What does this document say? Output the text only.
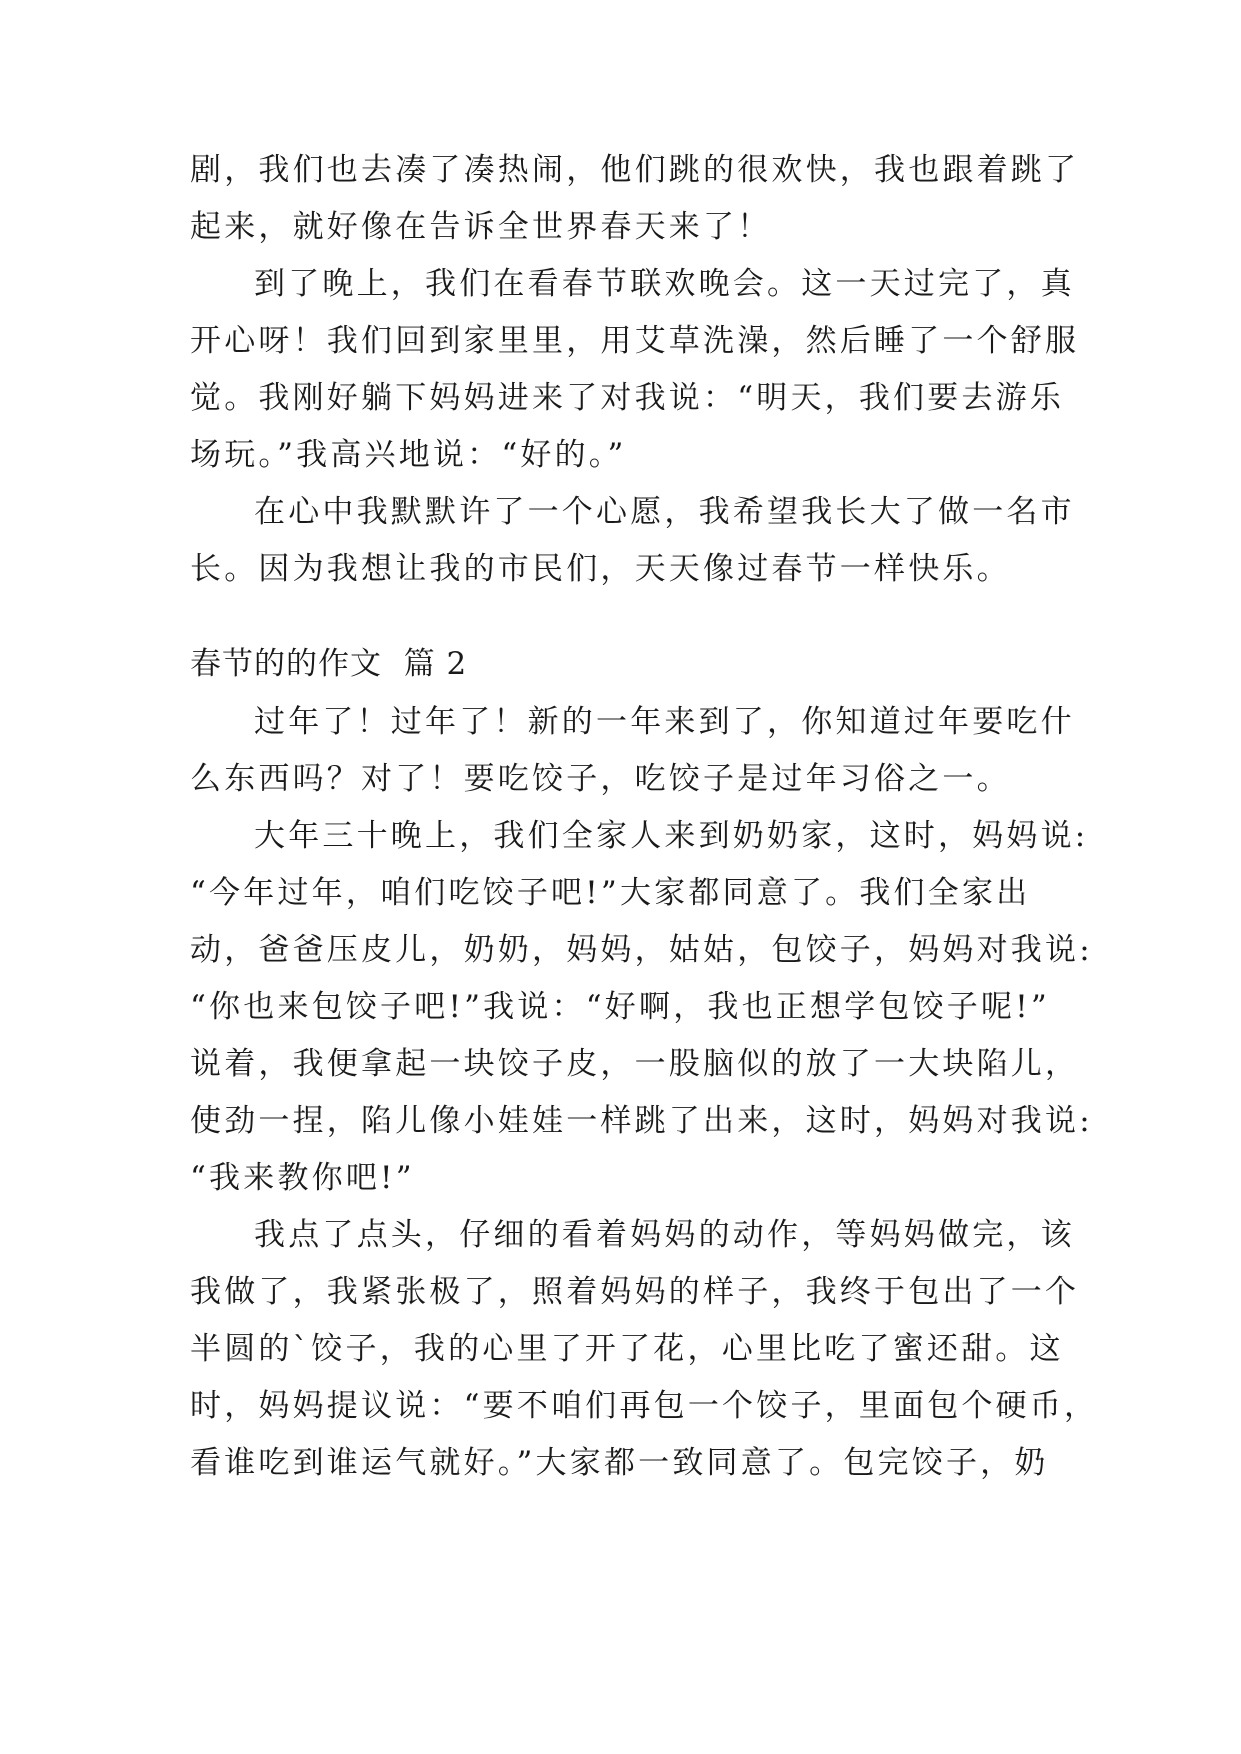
剧，我们也去凑了凑热闹，他们跳的很欢快，我也跟着跳了
起来，就好像在告诉全世界春天来了！
到了晚上，我们在看春节联欢晚会。这一天过完了，真
开心呀！我们回到家里里，用艾草洗澡，然后睡了一个舒服
觉。我刚好躺下妈妈进来了对我说：“明天，我们要去游乐
场玩。”我高兴地说：“好的。”
在心中我默默许了一个心愿，我希望我长大了做一名市
长。因为我想让我的市民们，天天像过春节一样快乐。
春节的的作文  篇 2
过年了！过年了！新的一年来到了，你知道过年要吃什
么东西吗？对了！要吃饺子，吃饺子是过年习俗之一。
大年三十晚上，我们全家人来到奶奶家，这时，妈妈说:
“今年过年，咱们吃饺子吧!”大家都同意了。我们全家出
动，爸爸压皮儿，奶奶，妈妈，姑姑，包饺子，妈妈对我说:
“你也来包饺子吧!”我说：“好啊，我也正想学包饺子呢!”
说着，我便拿起一块饺子皮，一股脑似的放了一大块陷儿，
使劲一捏，陷儿像小娃娃一样跳了出来，这时，妈妈对我说:
“我来教你吧!”
我点了点头，仔细的看着妈妈的动作，等妈妈做完，该
我做了，我紧张极了，照着妈妈的样子，我终于包出了一个
半圆的`饺子，我的心里了开了花，心里比吃了蜜还甜。这
时，妈妈提议说：“要不咱们再包一个饺子，里面包个硬币，
看谁吃到谁运气就好。”大家都一致同意了。包完饺子，奶
